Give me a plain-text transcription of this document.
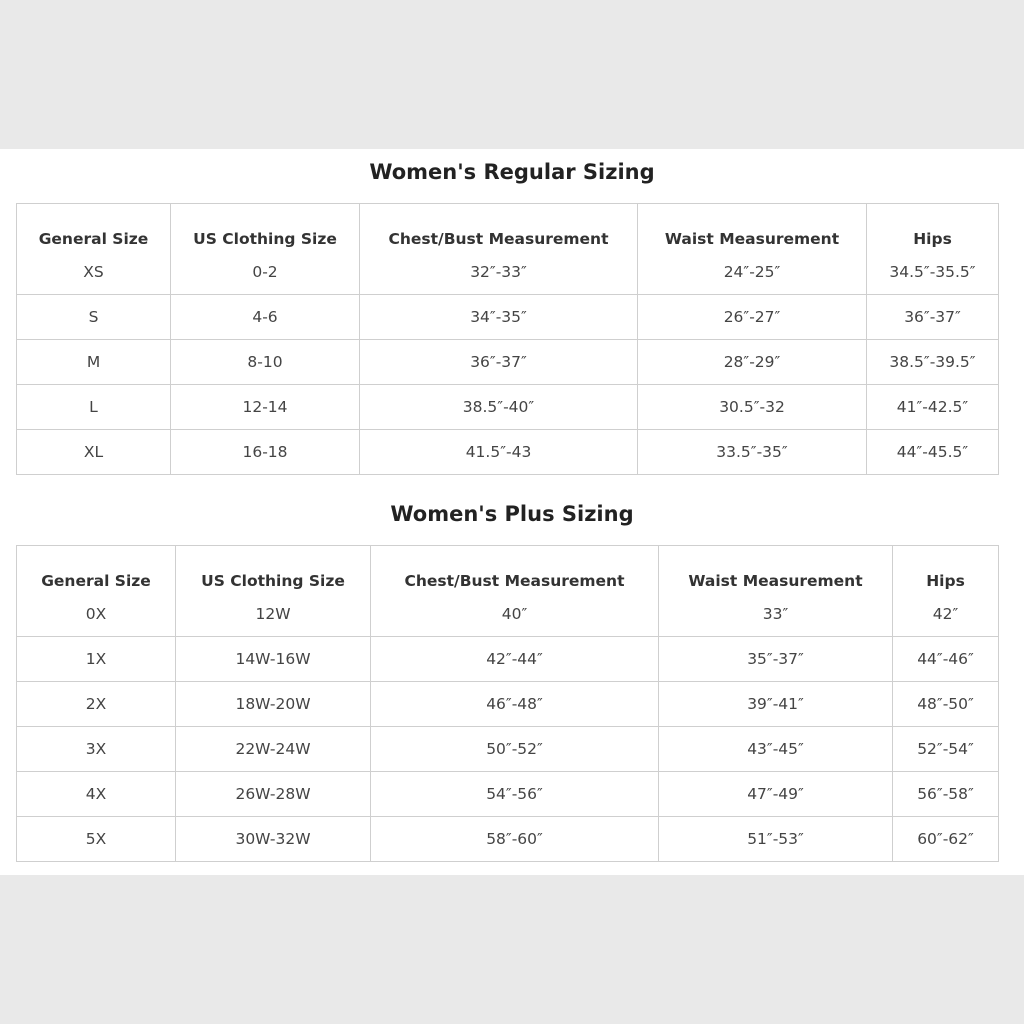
Women's Regular Sizing
General Size	US Clothing Size	Chest/Bust Measurement	Waist Measurement	Hips
XS	0-2	32″-33″	24″-25″	34.5″-35.5″
S	4-6	34″-35″	26″-27″	36″-37″
M	8-10	36″-37″	28″-29″	38.5″-39.5″
L	12-14	38.5″-40″	30.5″-32	41″-42.5″
XL	16-18	41.5″-43	33.5″-35″	44″-45.5″
Women's Plus Sizing
General Size	US Clothing Size	Chest/Bust Measurement	Waist Measurement	Hips
0X	12W	40″	33″	42″
1X	14W-16W	42″-44″	35″-37″	44″-46″
2X	18W-20W	46″-48″	39″-41″	48″-50″
3X	22W-24W	50″-52″	43″-45″	52″-54″
4X	26W-28W	54″-56″	47″-49″	56″-58″
5X	30W-32W	58″-60″	51″-53″	60″-62″
